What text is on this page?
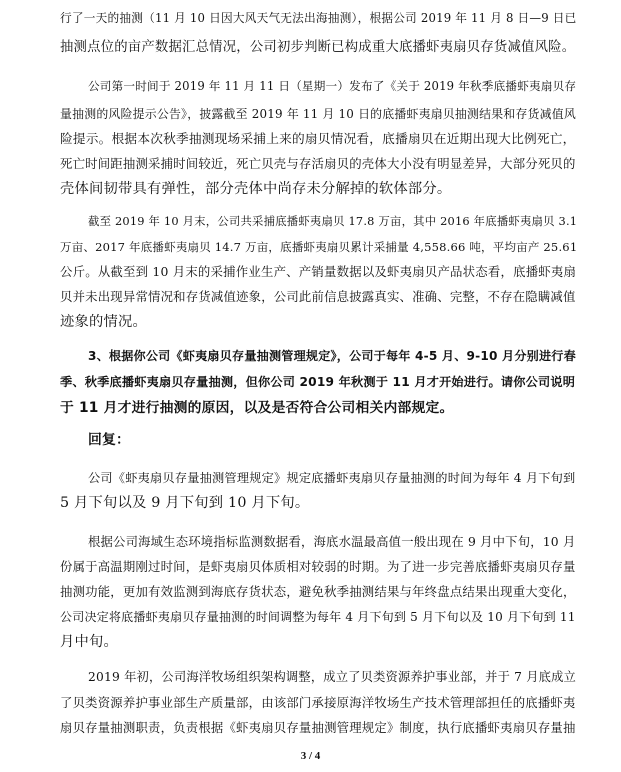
行了一天的抽测（11 月 10 日因大风天气无法出海抽测），根据公司 2019 年 11 月 8 日—9 日已
抽测点位的亩产数据汇总情况，公司初步判断已构成重大底播虾夷扇贝存货减值风险。
公司第一时间于 2019 年 11 月 11 日（星期一）发布了《关于 2019 年秋季底播虾夷扇贝存
量抽测的风险提示公告》，披露截至 2019 年 11 月 10 日的底播虾夷扇贝抽测结果和存货减值风
险提示。根据本次秋季抽测现场采捕上来的扇贝情况看，底播扇贝在近期出现大比例死亡，
死亡时间距抽测采捕时间较近，死亡贝壳与存活扇贝的壳体大小没有明显差异，大部分死贝的
壳体间韧带具有弹性，部分壳体中尚存未分解掉的软体部分。
截至 2019 年 10 月末，公司共采捕底播虾夷扇贝 17.8 万亩，其中 2016 年底播虾夷扇贝 3.1
万亩、2017 年底播虾夷扇贝 14.7 万亩，底播虾夷扇贝累计采捕量 4,558.66 吨，平均亩产 25.61
公斤。从截至到 10 月末的采捕作业生产、产销量数据以及虾夷扇贝产品状态看，底播虾夷扇
贝并未出现异常情况和存货减值迹象，公司此前信息披露真实、准确、完整，不存在隐瞒减值
迹象的情况。
3、根据你公司《虾夷扇贝存量抽测管理规定》，公司于每年 4-5 月、9-10 月分别进行春
季、秋季底播虾夷扇贝存量抽测，但你公司 2019 年秋测于 11 月才开始进行。请你公司说明
于 11 月才进行抽测的原因，以及是否符合公司相关内部规定。
回复：
公司《虾夷扇贝存量抽测管理规定》规定底播虾夷扇贝存量抽测的时间为每年 4 月下旬到
5 月下旬以及 9 月下旬到 10 月下旬。
根据公司海域生态环境指标监测数据看，海底水温最高值一般出现在 9 月中下旬，10 月
份属于高温期刚过时间，是虾夷扇贝体质相对较弱的时期。为了进一步完善底播虾夷扇贝存量
抽测功能，更加有效监测到海底存货状态，避免秋季抽测结果与年终盘点结果出现重大变化，
公司决定将底播虾夷扇贝存量抽测的时间调整为每年 4 月下旬到 5 月下旬以及 10 月下旬到 11
月中旬。
2019 年初，公司海洋牧场组织架构调整，成立了贝类资源养护事业部，并于 7 月底成立
了贝类资源养护事业部生产质量部，由该部门承接原海洋牧场生产技术管理部担任的底播虾夷
扇贝存量抽测职责，负责根据《虾夷扇贝存量抽测管理规定》制度，执行底播虾夷扇贝存量抽
3 / 4
